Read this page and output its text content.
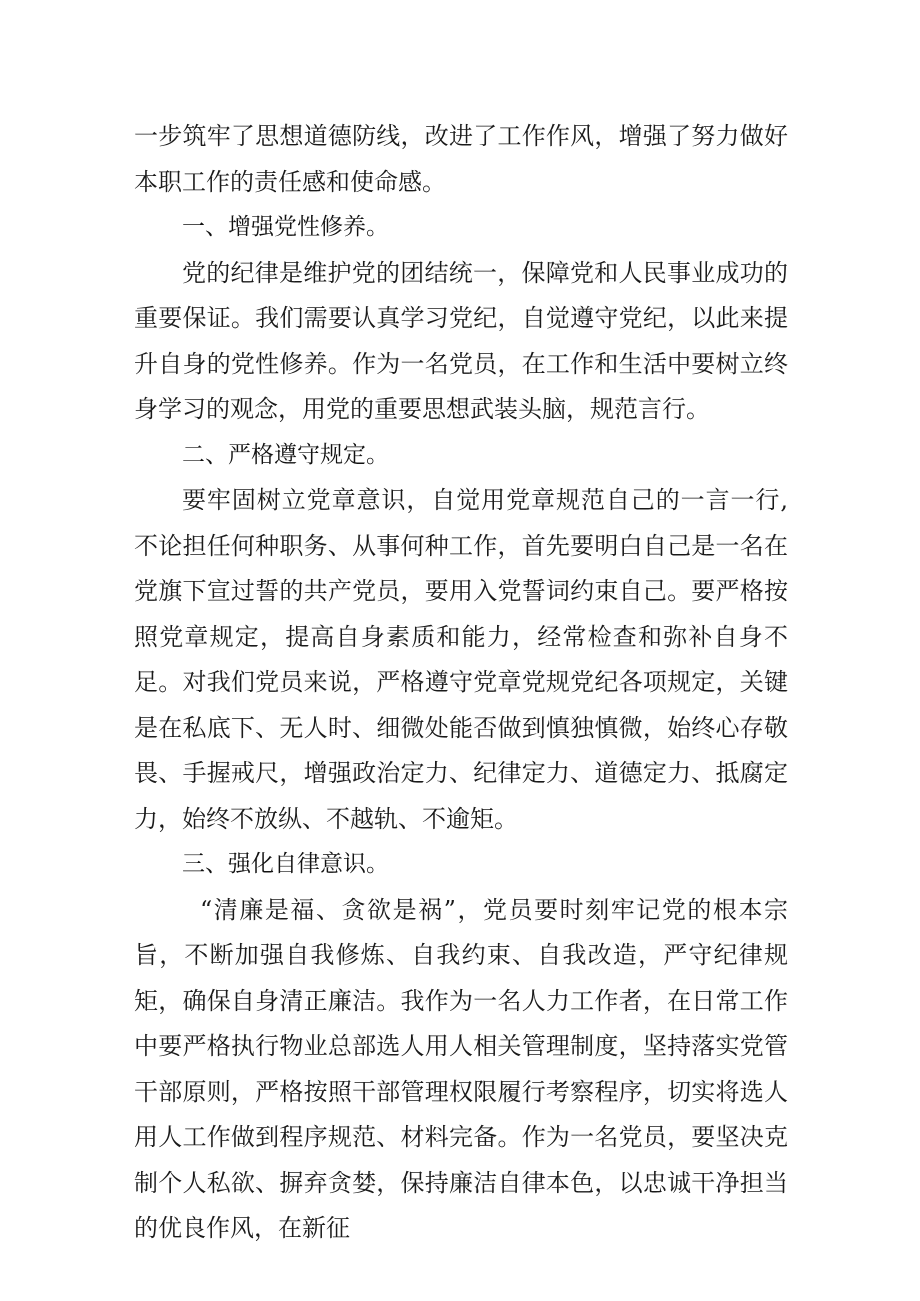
一步筑牢了思想道德防线，改进了工作作风，增强了努力做好本职工作的责任感和使命感。

一、增强党性修养。

党的纪律是维护党的团结统一，保障党和人民事业成功的重要保证。我们需要认真学习党纪，自觉遵守党纪，以此来提升自身的党性修养。作为一名党员，在工作和生活中要树立终身学习的观念，用党的重要思想武装头脑，规范言行。

二、严格遵守规定。

要牢固树立党章意识，自觉用党章规范自己的一言一行,不论担任何种职务、从事何种工作，首先要明白自己是一名在党旗下宣过誓的共产党员，要用入党誓词约束自己。要严格按照党章规定，提高自身素质和能力，经常检查和弥补自身不足。对我们党员来说，严格遵守党章党规党纪各项规定，关键是在私底下、无人时、细微处能否做到慎独慎微，始终心存敬畏、手握戒尺，增强政治定力、纪律定力、道德定力、抵腐定力，始终不放纵、不越轨、不逾矩。

三、强化自律意识。

“清廉是福、贪欲是祸”，党员要时刻牢记党的根本宗旨，不断加强自我修炼、自我约束、自我改造，严守纪律规矩，确保自身清正廉洁。我作为一名人力工作者，在日常工作中要严格执行物业总部选人用人相关管理制度，坚持落实党管干部原则，严格按照干部管理权限履行考察程序，切实将选人用人工作做到程序规范、材料完备。作为一名党员，要坚决克制个人私欲、摒弃贪婪，保持廉洁自律本色，以忠诚干净担当的优良作风，在新征
